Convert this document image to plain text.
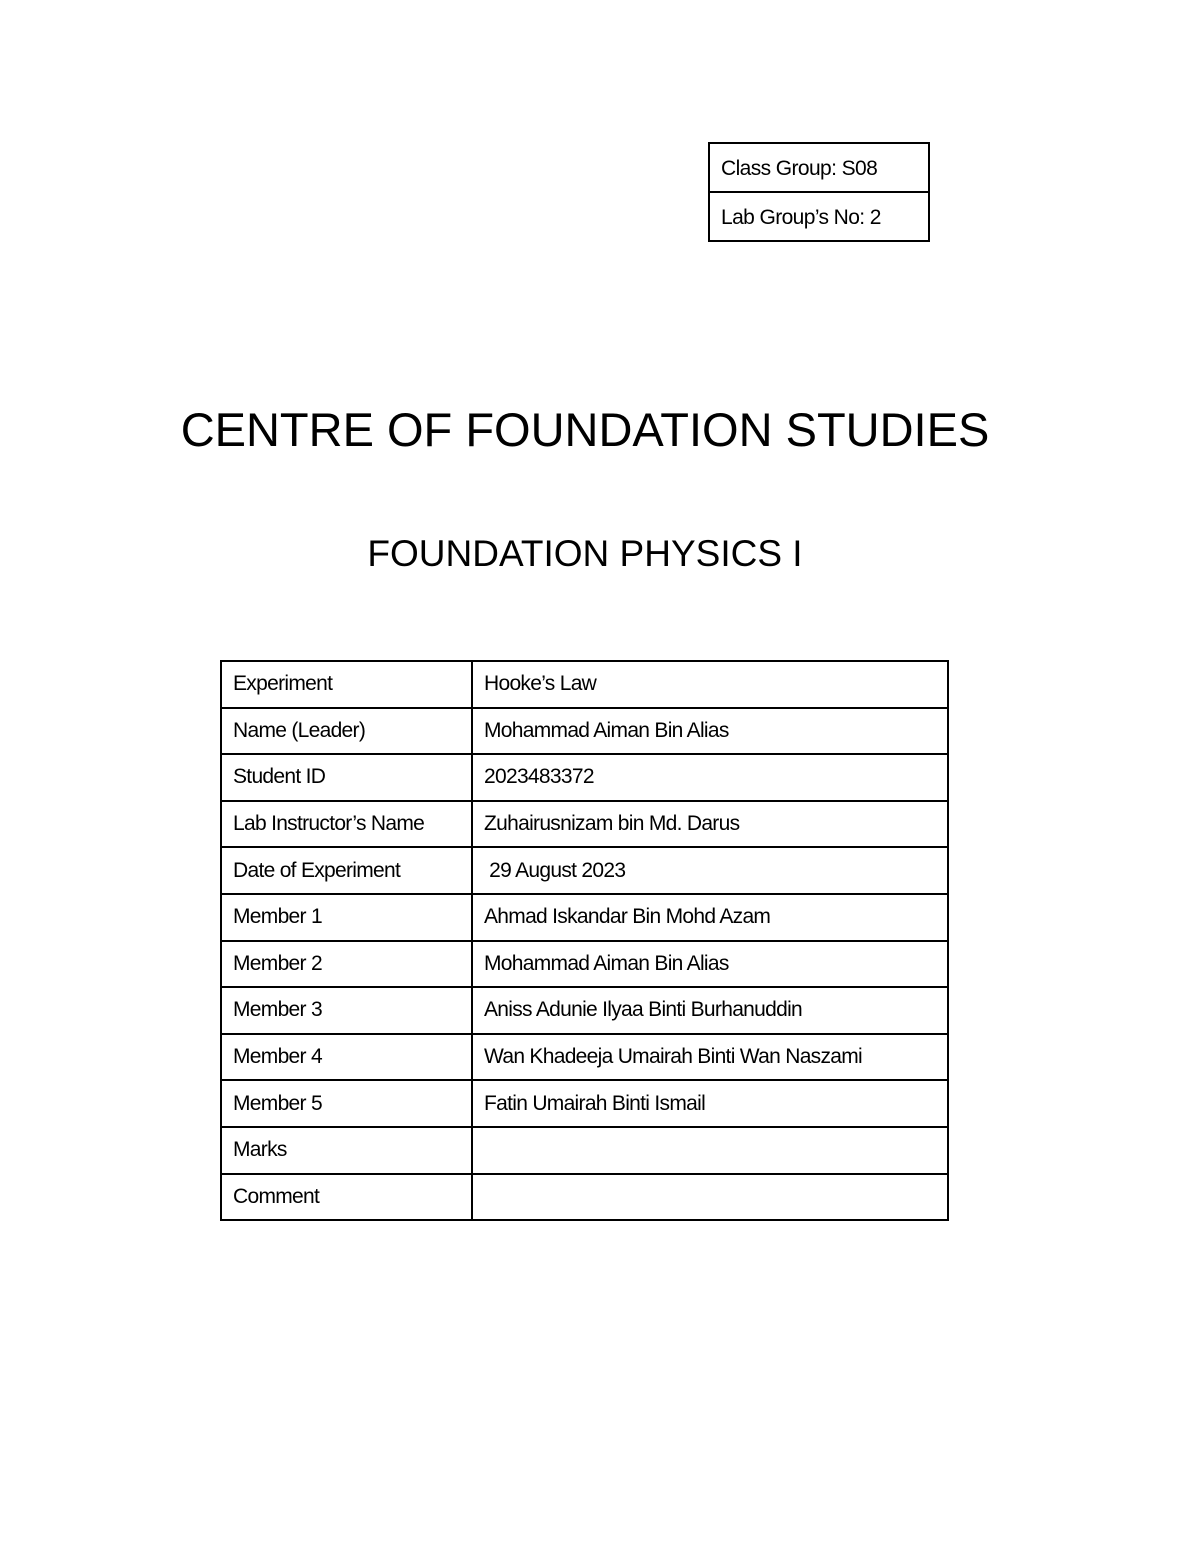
Class Group: S08
Lab Group’s No: 2
CENTRE OF FOUNDATION STUDIES
FOUNDATION PHYSICS I
Experiment	Hooke’s Law
Name (Leader)	Mohammad Aiman Bin Alias
Student ID	2023483372
Lab Instructor’s Name	Zuhairusnizam bin Md. Darus
Date of Experiment	29 August 2023
Member 1	Ahmad Iskandar Bin Mohd Azam
Member 2	Mohammad Aiman Bin Alias
Member 3	Aniss Adunie Ilyaa Binti Burhanuddin
Member 4	Wan Khadeeja Umairah Binti Wan Naszami
Member 5	Fatin Umairah Binti Ismail
Marks	
Comment	
